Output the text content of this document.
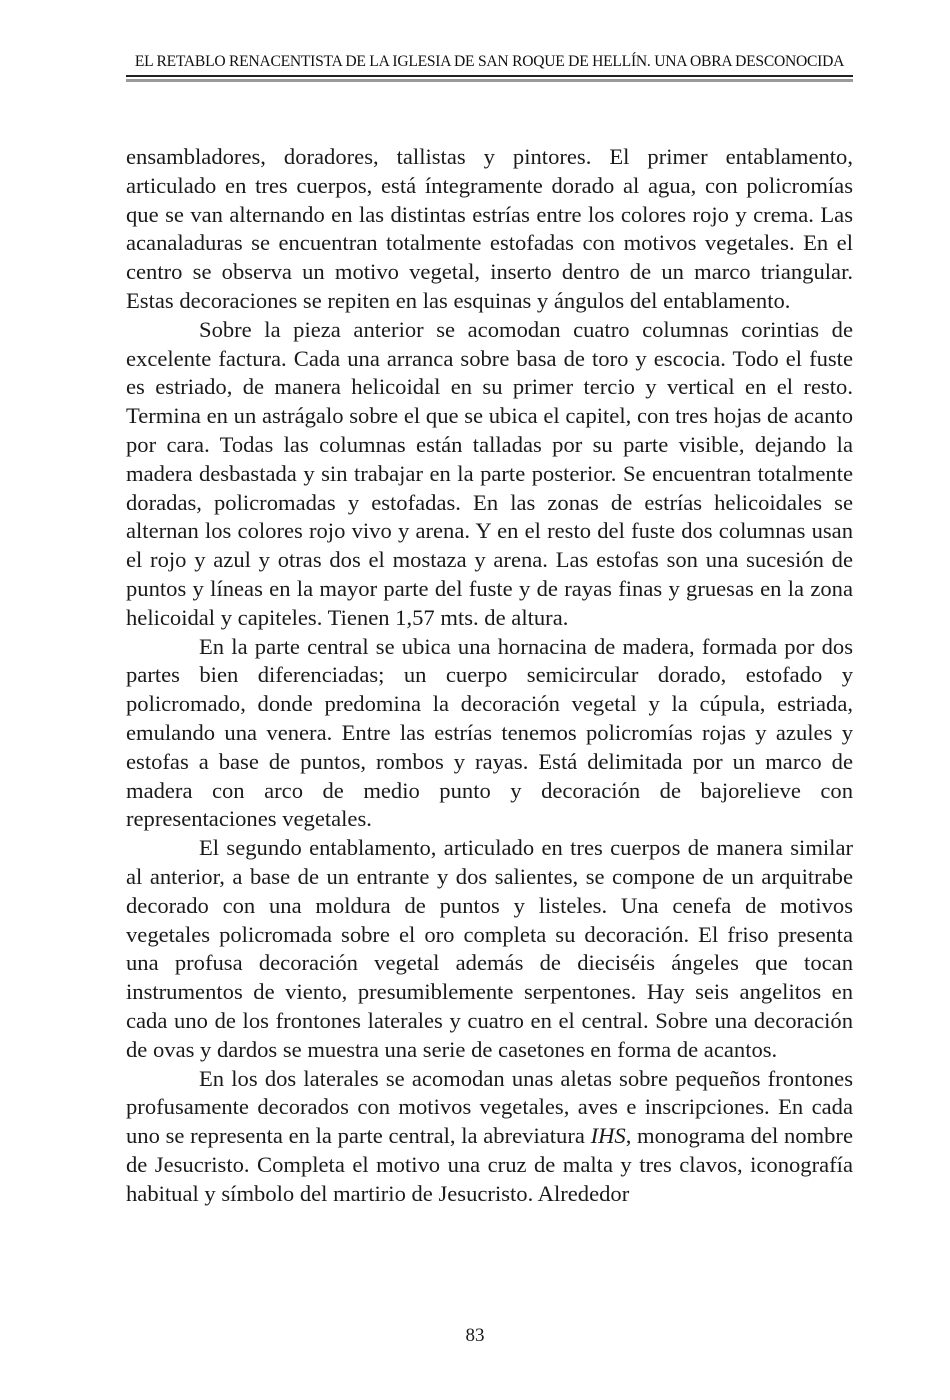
EL RETABLO RENACENTISTA DE LA IGLESIA DE SAN ROQUE DE HELLÍN. UNA OBRA DESCONOCIDA

ensambladores, doradores, tallistas y pintores. El primer entablamento, articulado en tres cuerpos, está íntegramente dorado al agua, con policromías que se van alternando en las distintas estrías entre los colores rojo y crema. Las acanaladuras se encuentran totalmente estofadas con motivos vegetales. En el centro se observa un motivo vegetal, inserto dentro de un marco triangular. Estas decoraciones se repiten en las esquinas y ángulos del entablamento.

Sobre la pieza anterior se acomodan cuatro columnas corintias de excelente factura. Cada una arranca sobre basa de toro y escocia. Todo el fuste es estriado, de manera helicoidal en su primer tercio y vertical en el resto. Termina en un astrágalo sobre el que se ubica el capitel, con tres hojas de acanto por cara. Todas las columnas están talladas por su parte visible, dejando la madera desbastada y sin trabajar en la parte posterior. Se encuentran totalmente doradas, policromadas y estofadas. En las zonas de estrías helicoidales se alternan los colores rojo vivo y arena. Y en el resto del fuste dos columnas usan el rojo y azul y otras dos el mostaza y arena. Las estofas son una sucesión de puntos y líneas en la mayor parte del fuste y de rayas finas y gruesas en la zona helicoidal y capiteles. Tienen 1,57 mts. de altura.

En la parte central se ubica una hornacina de madera, formada por dos partes bien diferenciadas; un cuerpo semicircular dorado, estofado y policromado, donde predomina la decoración vegetal y la cúpula, estriada, emulando una venera. Entre las estrías tenemos policromías rojas y azules y estofas a base de puntos, rombos y rayas. Está delimitada por un marco de madera con arco de medio punto y decoración de bajorelieve con representaciones vegetales.

El segundo entablamento, articulado en tres cuerpos de manera similar al anterior, a base de un entrante y dos salientes, se compone de un arquitrabe decorado con una moldura de puntos y listeles. Una cenefa de motivos vegetales policromada sobre el oro completa su decoración. El friso presenta una profusa decoración vegetal además de dieciséis ángeles que tocan instrumentos de viento, presumiblemente serpentones. Hay seis angelitos en cada uno de los frontones laterales y cuatro en el central. Sobre una decoración de ovas y dardos se muestra una serie de casetones en forma de acantos.

En los dos laterales se acomodan unas aletas sobre pequeños frontones profusamente decorados con motivos vegetales, aves e inscripciones. En cada uno se representa en la parte central, la abreviatura IHS, monograma del nombre de Jesucristo. Completa el motivo una cruz de malta y tres clavos, iconografía habitual y símbolo del martirio de Jesucristo. Alrededor

83
